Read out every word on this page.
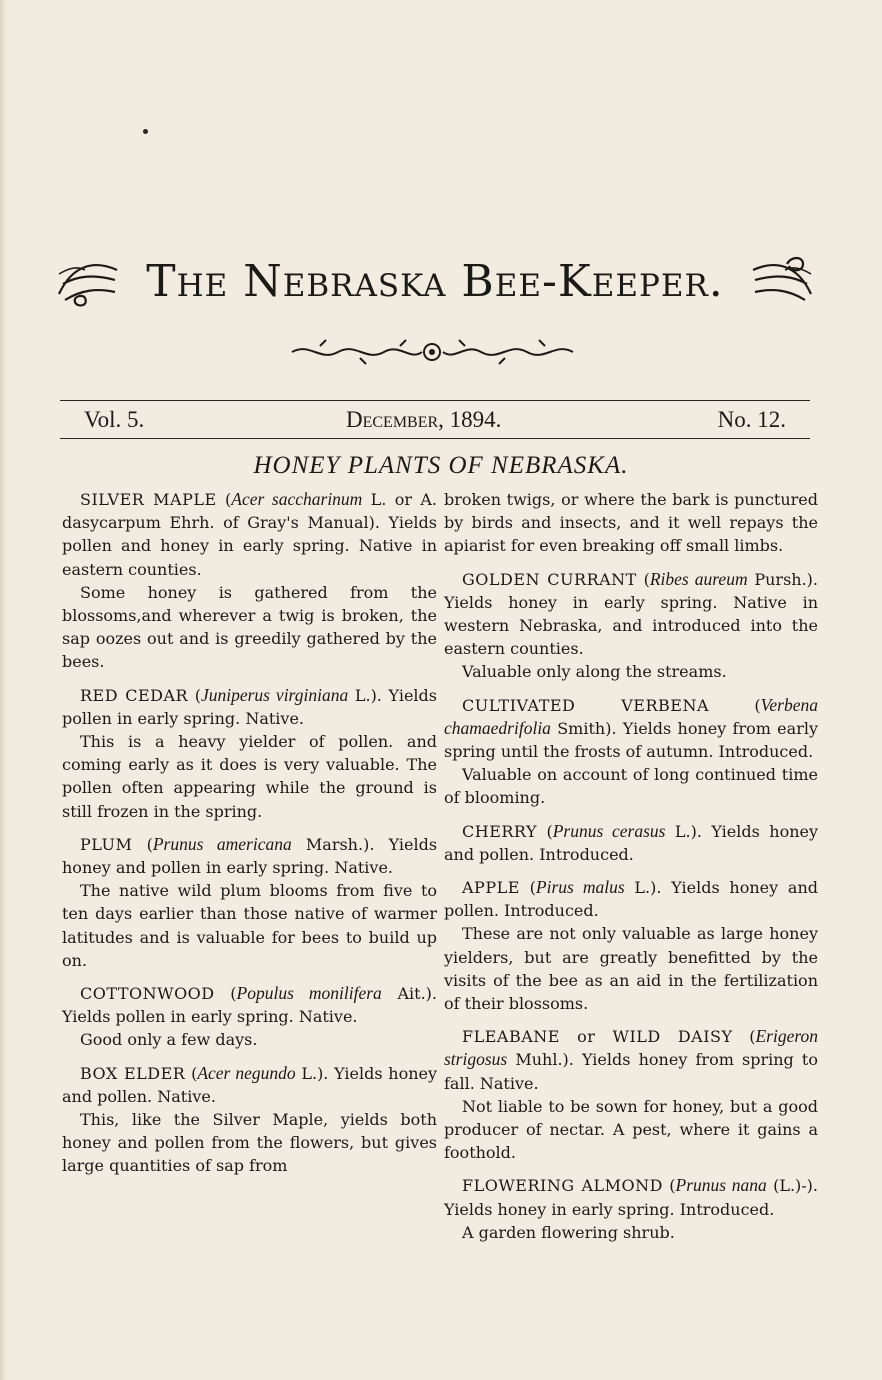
The Nebraska Bee-Keeper.
Vol. 5.	December, 1894.	No. 12.
HONEY PLANTS OF NEBRASKA.

SILVER MAPLE (Acer saccharinum L. or A. dasycarpum Ehrh. of Gray's Manual). Yields pollen and honey in early spring. Native in eastern counties.

Some honey is gathered from the blossoms,and wherever a twig is broken, the sap oozes out and is greedily gathered by the bees.

RED CEDAR (Juniperus virginiana L.). Yields pollen in early spring. Native.

This is a heavy yielder of pollen. and coming early as it does is very valuable. The pollen often appearing while the ground is still frozen in the spring.

PLUM (Prunus americana Marsh.). Yields honey and pollen in early spring. Native.

The native wild plum blooms from five to ten days earlier than those native of warmer latitudes and is valuable for bees to build up on.

COTTONWOOD (Populus monilifera Ait.). Yields pollen in early spring. Native.

Good only a few days.

BOX ELDER (Acer negundo L.). Yields honey and pollen. Native.

This, like the Silver Maple, yields both honey and pollen from the flowers, but gives large quantities of sap from

broken twigs, or where the bark is punctured by birds and insects, and it well repays the apiarist for even breaking off small limbs.

GOLDEN CURRANT (Ribes aureum Pursh.). Yields honey in early spring. Native in western Nebraska, and introduced into the eastern counties.

Valuable only along the streams.

CULTIVATED VERBENA (Verbena chamaedrifolia Smith). Yields honey from early spring until the frosts of autumn. Introduced.

Valuable on account of long continued time of blooming.

CHERRY (Prunus cerasus L.). Yields honey and pollen. Introduced.

APPLE (Pirus malus L.). Yields honey and pollen. Introduced.

These are not only valuable as large honey yielders, but are greatly benefitted by the visits of the bee as an aid in the fertilization of their blossoms.

FLEABANE or WILD DAISY (Erigeron strigosus Muhl.). Yields honey from spring to fall. Native.

Not liable to be sown for honey, but a good producer of nectar. A pest, where it gains a foothold.

FLOWERING ALMOND (Prunus nana (L.)-). Yields honey in early spring. Introduced.

A garden flowering shrub.
